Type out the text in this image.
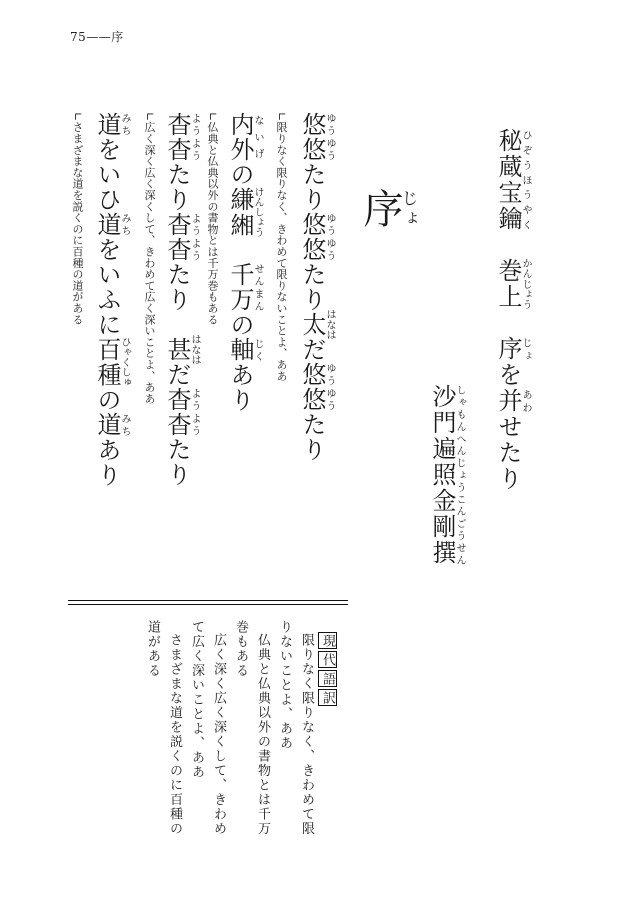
75——序
秘蔵宝鑰ひぞうほうやく　巻上かんじょう　序じょを并あわせたり
沙門遍照金剛撰しゃもんへんじょうこんごうせん
序じょ
悠悠ゆうゆうたり悠悠ゆうゆうたり太はなはだ悠悠ゆうゆうたり
∟限りなく限りなく、きわめて限りないことよ、ああ
内外ないげの縑緗けんしょう　千万せんまんの軸じくあり
∟仏典と仏典以外の書物とは千万巻もある
杳杳ようようたり杳杳ようようたり　甚はなはだ杳杳ようようたり
∟広く深く広く深くして、きわめて広く深いことよ、ああ
道みちをいひ道みちをいふに百種ひゃくしゅの道みちあり
∟さまざまな道を説くのに百種の道がある
現代語訳
限りなく限りなく、きわめて限
りないことよ、ああ
仏典と仏典以外の書物とは千万
巻もある
広く深く広く深くして、きわめ
て広く深いことよ、ああ
さまざまな道を説くのに百種の
道がある
